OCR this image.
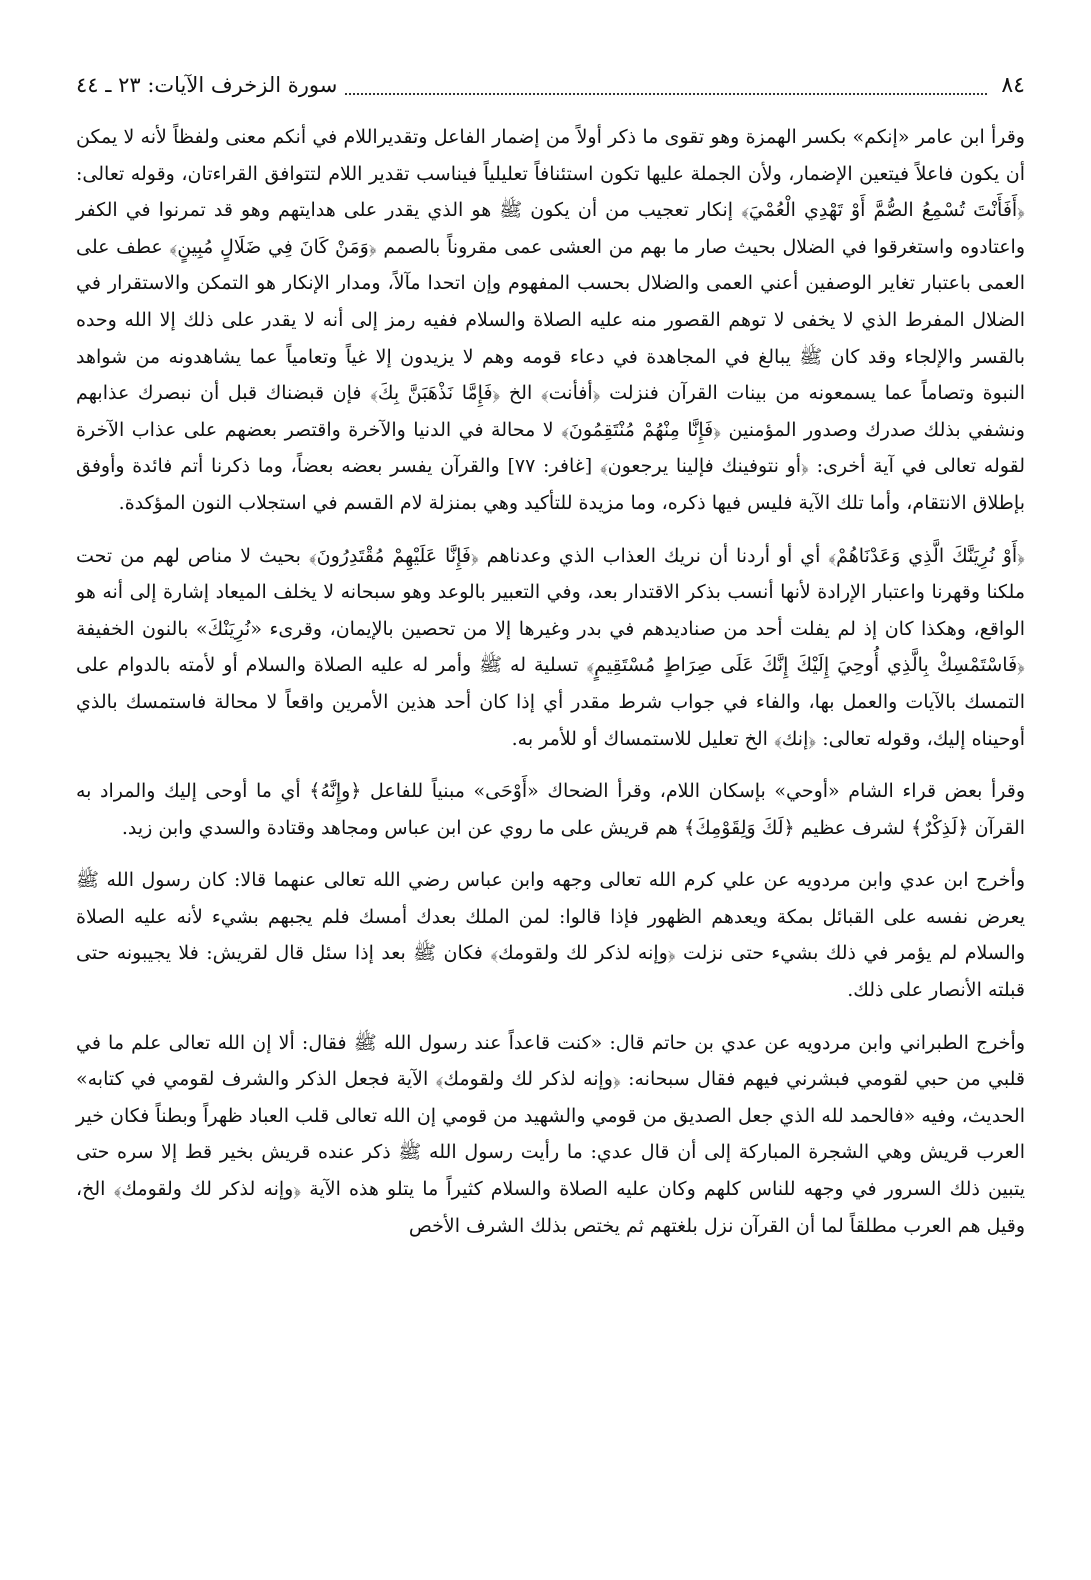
٨٤
سورة الزخرف الآيات: ٢٣ ـ ٤٤

وقرأ ابن عامر «إنكم» بكسر الهمزة وهو تقوى ما ذكر أولاً من إضمار الفاعل وتقديراللام في أنكم معنى ولفظاً لأنه لا يمكن أن يكون فاعلاً فيتعين الإضمار، ولأن الجملة عليها تكون استئنافاً تعليلياً فيناسب تقدير اللام لتتوافق القراءتان، وقوله تعالى: ﴿أَفَأَنْتَ تُسْمِعُ الصُّمَّ أَوْ تَهْدِي الْعُمْيَ﴾ إنكار تعجيب من أن يكون ﷺ هو الذي يقدر على هدايتهم وهو قد تمرنوا في الكفر واعتادوه واستغرقوا في الضلال بحيث صار ما بهم من العشى عمى مقروناً بالصمم ﴿وَمَنْ كَانَ فِي ضَلَالٍ مُبِينٍ﴾ عطف على العمى باعتبار تغاير الوصفين أعني العمى والضلال بحسب المفهوم وإن اتحدا مآلاً، ومدار الإنكار هو التمكن والاستقرار في الضلال المفرط الذي لا يخفى لا توهم القصور منه عليه الصلاة والسلام ففيه رمز إلى أنه لا يقدر على ذلك إلا الله وحده بالقسر والإلجاء وقد كان ﷺ يبالغ في المجاهدة في دعاء قومه وهم لا يزيدون إلا غياً وتعامياً عما يشاهدونه من شواهد النبوة وتصاماً عما يسمعونه من بينات القرآن فنزلت ﴿أفأنت﴾ الخ ﴿فَإِمَّا نَذْهَبَنَّ بِكَ﴾ فإن قبضناك قبل أن نبصرك عذابهم ونشفي بذلك صدرك وصدور المؤمنين ﴿فَإِنَّا مِنْهُمْ مُنْتَقِمُونَ﴾ لا محالة في الدنيا والآخرة واقتصر بعضهم على عذاب الآخرة لقوله تعالى في آية أخرى: ﴿أو نتوفينك فإلينا يرجعون﴾ [غافر: ٧٧] والقرآن يفسر بعضه بعضاً، وما ذكرنا أتم فائدة وأوفق بإطلاق الانتقام، وأما تلك الآية فليس فيها ذكره، وما مزيدة للتأكيد وهي بمنزلة لام القسم في استجلاب النون المؤكدة.

﴿أَوْ نُرِيَنَّكَ الَّذِي وَعَدْنَاهُمْ﴾ أي أو أردنا أن نريك العذاب الذي وعدناهم ﴿فَإِنَّا عَلَيْهِمْ مُقْتَدِرُونَ﴾ بحيث لا مناص لهم من تحت ملكنا وقهرنا واعتبار الإرادة لأنها أنسب بذكر الاقتدار بعد، وفي التعبير بالوعد وهو سبحانه لا يخلف الميعاد إشارة إلى أنه هو الواقع، وهكذا كان إذ لم يفلت أحد من صناديدهم في بدر وغيرها إلا من تحصين بالإيمان، وقرىء «نُرِيَنْكَ» بالنون الخفيفة ﴿فَاسْتَمْسِكْ بِالَّذِي أُوحِيَ إِلَيْكَ إِنَّكَ عَلَى صِرَاطٍ مُسْتَقِيمٍ﴾ تسلية له ﷺ وأمر له عليه الصلاة والسلام أو لأمته بالدوام على التمسك بالآيات والعمل بها، والفاء في جواب شرط مقدر أي إذا كان أحد هذين الأمرين واقعاً لا محالة فاستمسك بالذي أوحيناه إليك، وقوله تعالى: ﴿إنك﴾ الخ تعليل للاستمساك أو للأمر به.

وقرأ بعض قراء الشام «أوحي» بإسكان اللام، وقرأ الضحاك «أَوْحَى» مبنياً للفاعل ﴿وإِنَّهُ﴾ أي ما أوحى إليك والمراد به القرآن ﴿لَذِكْرٌ﴾ لشرف عظيم ﴿لَكَ وَلِقَوْمِكَ﴾ هم قريش على ما روي عن ابن عباس ومجاهد وقتادة والسدي وابن زيد.

وأخرج ابن عدي وابن مردويه عن علي كرم الله تعالى وجهه وابن عباس رضي الله تعالى عنهما قالا: كان رسول الله ﷺ يعرض نفسه على القبائل بمكة ويعدهم الظهور فإذا قالوا: لمن الملك بعدك أمسك فلم يجبهم بشيء لأنه عليه الصلاة والسلام لم يؤمر في ذلك بشيء حتى نزلت ﴿وإنه لذكر لك ولقومك﴾ فكان ﷺ بعد إذا سئل قال لقريش: فلا يجيبونه حتى قبلته الأنصار على ذلك.

وأخرج الطبراني وابن مردويه عن عدي بن حاتم قال: «كنت قاعداً عند رسول الله ﷺ فقال: ألا إن الله تعالى علم ما في قلبي من حبي لقومي فبشرني فيهم فقال سبحانه: ﴿وإنه لذكر لك ولقومك﴾ الآية فجعل الذكر والشرف لقومي في كتابه» الحديث، وفيه «فالحمد لله الذي جعل الصديق من قومي والشهيد من قومي إن الله تعالى قلب العباد ظهراً وبطناً فكان خير العرب قريش وهي الشجرة المباركة إلى أن قال عدي: ما رأيت رسول الله ﷺ ذكر عنده قريش بخير قط إلا سره حتى يتبين ذلك السرور في وجهه للناس كلهم وكان عليه الصلاة والسلام كثيراً ما يتلو هذه الآية ﴿وإنه لذكر لك ولقومك﴾ الخ، وقيل هم العرب مطلقاً لما أن القرآن نزل بلغتهم ثم يختص بذلك الشرف الأخص
